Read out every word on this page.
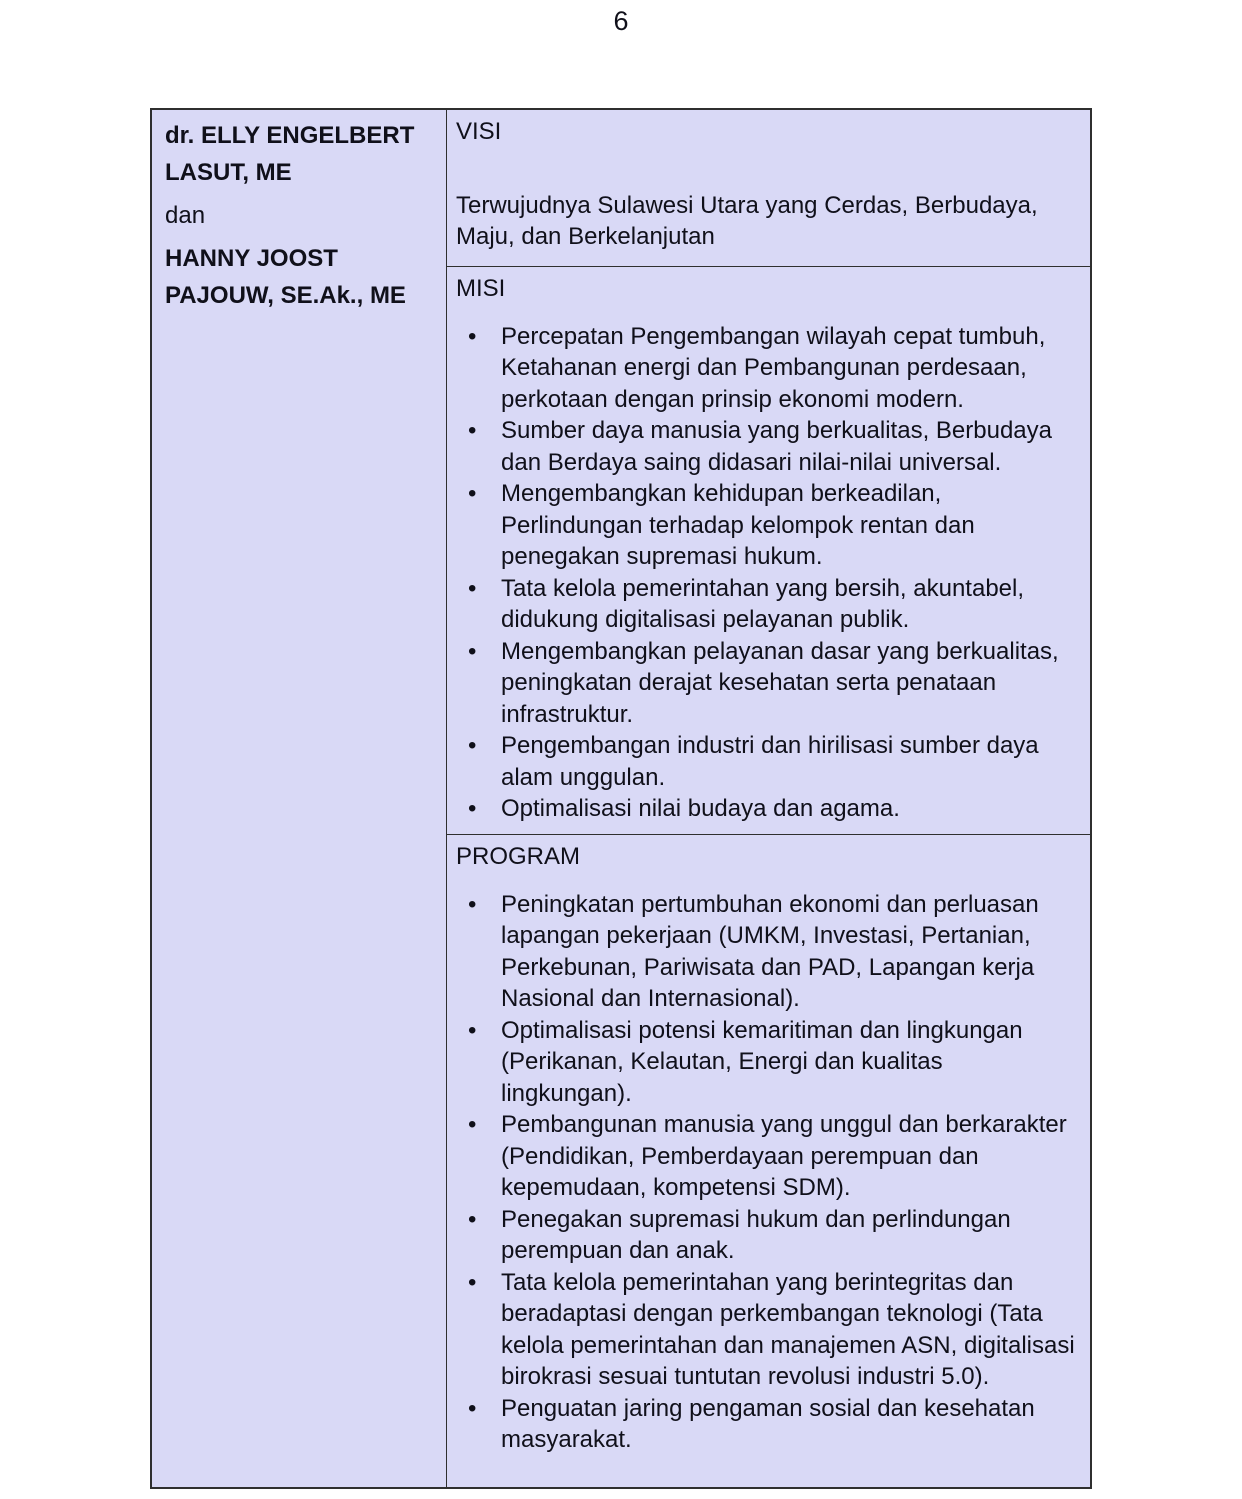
6

dr. ELLY ENGELBERT LASUT, ME

dan

HANNY JOOST PAJOUW, SE.Ak., ME

VISI
Terwujudnya Sulawesi Utara yang Cerdas, Berbudaya, Maju, dan Berkelanjutan
MISI
• Percepatan Pengembangan wilayah cepat tumbuh, Ketahanan energi dan Pembangunan perdesaan, perkotaan dengan prinsip ekonomi modern.
• Sumber daya manusia yang berkualitas, Berbudaya dan Berdaya saing didasari nilai-nilai universal.
• Mengembangkan kehidupan berkeadilan, Perlindungan terhadap kelompok rentan dan penegakan supremasi hukum.
• Tata kelola pemerintahan yang bersih, akuntabel, didukung digitalisasi pelayanan publik.
• Mengembangkan pelayanan dasar yang berkualitas, peningkatan derajat kesehatan serta penataan infrastruktur.
• Pengembangan industri dan hirilisasi sumber daya alam unggulan.
• Optimalisasi nilai budaya dan agama.
PROGRAM
• Peningkatan pertumbuhan ekonomi dan perluasan lapangan pekerjaan (UMKM, Investasi, Pertanian, Perkebunan, Pariwisata dan PAD, Lapangan kerja Nasional dan Internasional).
• Optimalisasi potensi kemaritiman dan lingkungan (Perikanan, Kelautan, Energi dan kualitas lingkungan).
• Pembangunan manusia yang unggul dan berkarakter (Pendidikan, Pemberdayaan perempuan dan kepemudaan, kompetensi SDM).
• Penegakan supremasi hukum dan perlindungan perempuan dan anak.
• Tata kelola pemerintahan yang berintegritas dan beradaptasi dengan perkembangan teknologi (Tata kelola pemerintahan dan manajemen ASN, digitalisasi birokrasi sesuai tuntutan revolusi industri 5.0).
• Penguatan jaring pengaman sosial dan kesehatan masyarakat.
